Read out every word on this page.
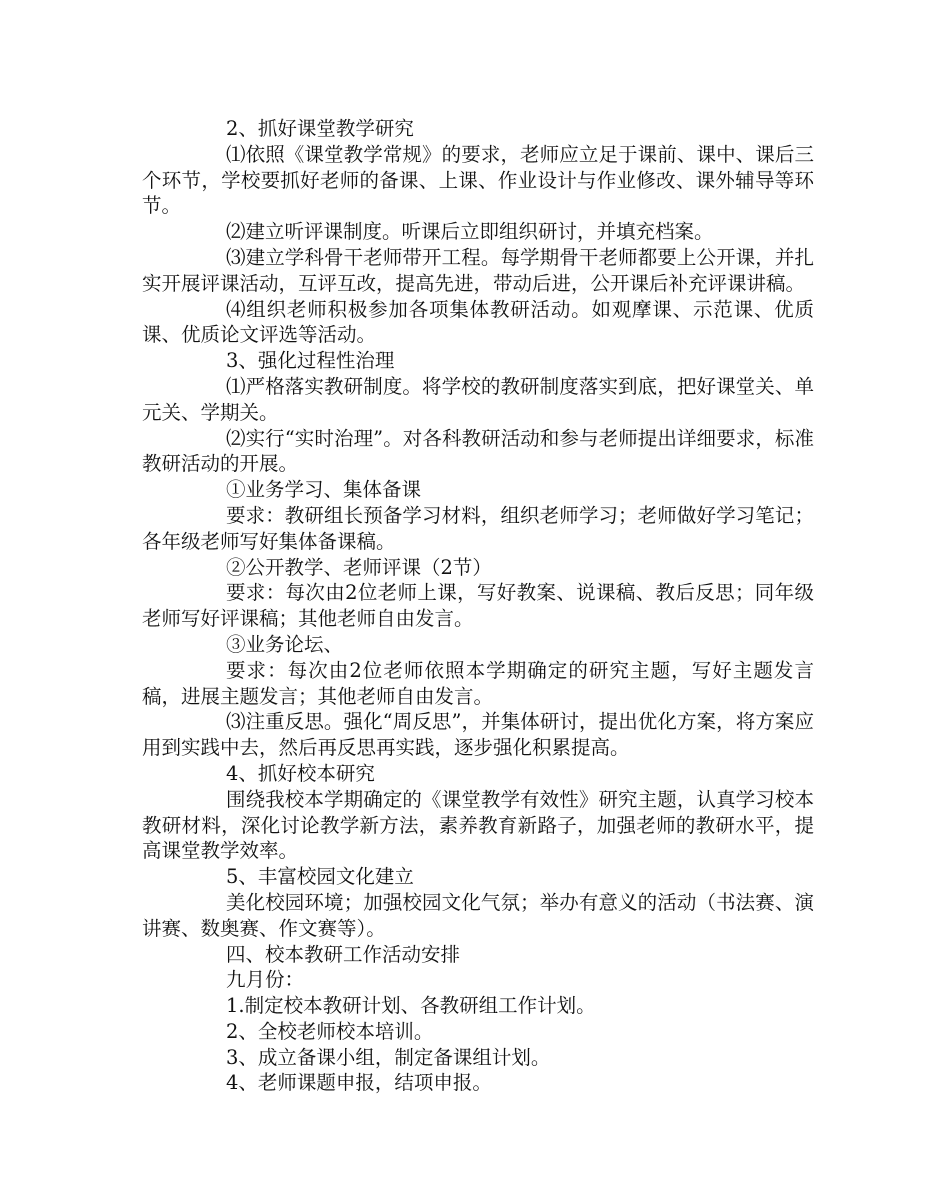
2、抓好课堂教学研究

⑴依照《课堂教学常规》的要求，老师应立足于课前、课中、课后三个环节，学校要抓好老师的备课、上课、作业设计与作业修改、课外辅导等环节。

⑵建立听评课制度。听课后立即组织研讨，并填充档案。

⑶建立学科骨干老师带开工程。每学期骨干老师都要上公开课，并扎实开展评课活动，互评互改，提高先进，带动后进，公开课后补充评课讲稿。

⑷组织老师积极参加各项集体教研活动。如观摩课、示范课、优质课、优质论文评选等活动。

3、强化过程性治理

⑴严格落实教研制度。将学校的教研制度落实到底，把好课堂关、单元关、学期关。

⑵实行“实时治理”。对各科教研活动和参与老师提出详细要求，标准教研活动的开展。

①业务学习、集体备课

要求：教研组长预备学习材料，组织老师学习；老师做好学习笔记；各年级老师写好集体备课稿。

②公开教学、老师评课（2节）

要求：每次由2位老师上课，写好教案、说课稿、教后反思；同年级老师写好评课稿；其他老师自由发言。

③业务论坛、

要求：每次由2位老师依照本学期确定的研究主题，写好主题发言稿，进展主题发言；其他老师自由发言。

⑶注重反思。强化“周反思”，并集体研讨，提出优化方案，将方案应用到实践中去，然后再反思再实践，逐步强化积累提高。

4、抓好校本研究

围绕我校本学期确定的《课堂教学有效性》研究主题，认真学习校本教研材料，深化讨论教学新方法，素养教育新路子，加强老师的教研水平，提高课堂教学效率。

5、丰富校园文化建立

美化校园环境；加强校园文化气氛；举办有意义的活动（书法赛、演讲赛、数奥赛、作文赛等）。

四、校本教研工作活动安排

九月份：

1.制定校本教研计划、各教研组工作计划。

2、全校老师校本培训。

3、成立备课小组，制定备课组计划。

4、老师课题申报，结项申报。
